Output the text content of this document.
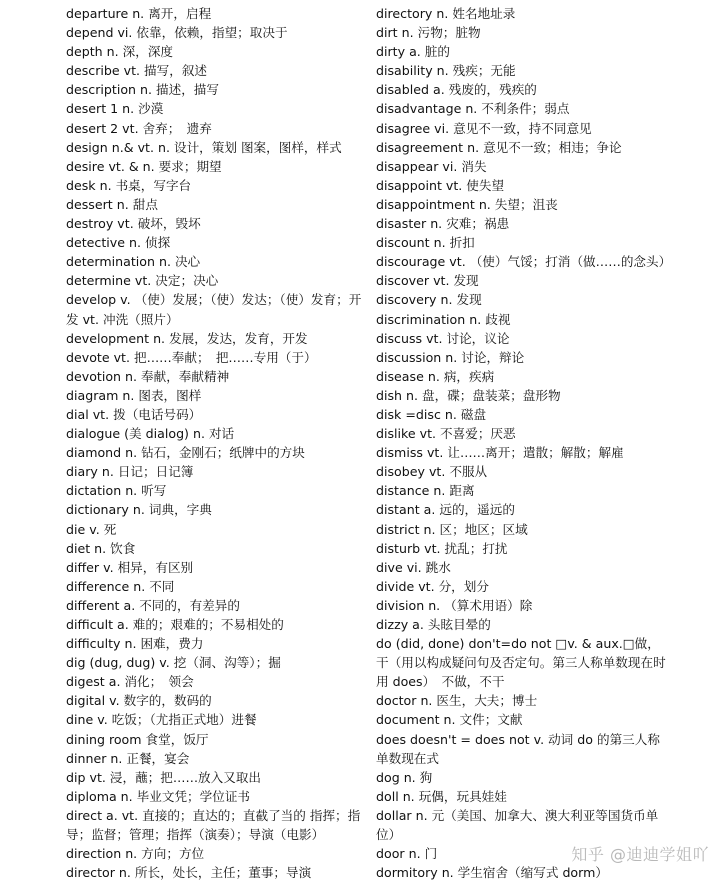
departure n. 离开，启程
depend vi. 依靠，依赖，指望；取决于
depth n. 深，深度
describe vt. 描写，叙述
description n. 描述，描写
desert 1 n. 沙漠
desert 2 vt. 舍弃；　遗弃
design n.& vt. n. 设计，策划 图案，图样，样式
desire vt. & n. 要求；期望
desk n. 书桌，写字台
dessert n. 甜点
destroy vt. 破坏，毁坏
detective n. 侦探
determination n. 决心
determine vt. 决定；决心
develop v. （使）发展；（使）发达；（使）发育；开发 vt. 冲洗（照片）
development n. 发展，发达，发育，开发
devote vt. 把……奉献；　把……专用（于）
devotion n. 奉献，奉献精神
diagram n. 图表，图样
dial vt. 拨（电话号码）
dialogue (美 dialog) n. 对话
diamond n. 钻石，金刚石；纸牌中的方块
diary n. 日记；日记簿
dictation n. 听写
dictionary n. 词典，字典
die v. 死
diet n. 饮食
differ v. 相异，有区别
difference n. 不同
different a. 不同的，有差异的
difficult a. 难的；艰难的；不易相处的
difficulty n. 困难，费力
dig (dug, dug) v. 挖（洞、沟等）；掘
digest a. 消化；　领会
digital v. 数字的，数码的
dine v. 吃饭；（尤指正式地）进餐
dining room 食堂，饭厅
dinner n. 正餐，宴会
dip vt. 浸，蘸；把……放入又取出
diploma n. 毕业文凭；学位证书
direct a. vt. 直接的；直达的；直截了当的 指挥；指导；监督；管理；指挥（演奏）；导演（电影）
direction n. 方向；方位
director n. 所长，处长，主任；董事；导演
directory n. 姓名地址录
dirt n. 污物；脏物
dirty a. 脏的
disability n. 残疾；无能
disabled a. 残废的，残疾的
disadvantage n. 不利条件；弱点
disagree vi. 意见不一致，持不同意见
disagreement n. 意见不一致；相违；争论
disappear vi. 消失
disappoint vt. 使失望
disappointment n. 失望；沮丧
disaster n. 灾难；祸患
discount n. 折扣
discourage vt. （使）气馁；打消（做……的念头）
discover vt. 发现
discovery n. 发现
discrimination n. 歧视
discuss vt. 讨论，议论
discussion n. 讨论，辩论
disease n. 病，疾病
dish n. 盘，碟；盘装菜；盘形物
disk =disc n. 磁盘
dislike vt. 不喜爱；厌恶
dismiss vt. 让……离开；遣散；解散；解雇
disobey vt. 不服从
distance n. 距离
distant a. 远的，遥远的
district n. 区；地区；区域
disturb vt. 扰乱；打扰
dive vi. 跳水
divide vt. 分，划分
division n. （算术用语）除
dizzy a. 头眩目晕的
do (did, done) don't=do not □v. & aux.□做，干（用以构成疑问句及否定句。第三人称单数现在时用 does）　不做，不干
doctor n. 医生，大夫；博士
document n. 文件；文献
does doesn't = does not v. 动词 do 的第三人称单数现在式
dog n. 狗
doll n. 玩偶，玩具娃娃
dollar n. 元（美国、加拿大、澳大利亚等国货币单位）
door n. 门
dormitory n. 学生宿舍（缩写式 dorm）
知乎 @迪迪学姐吖
